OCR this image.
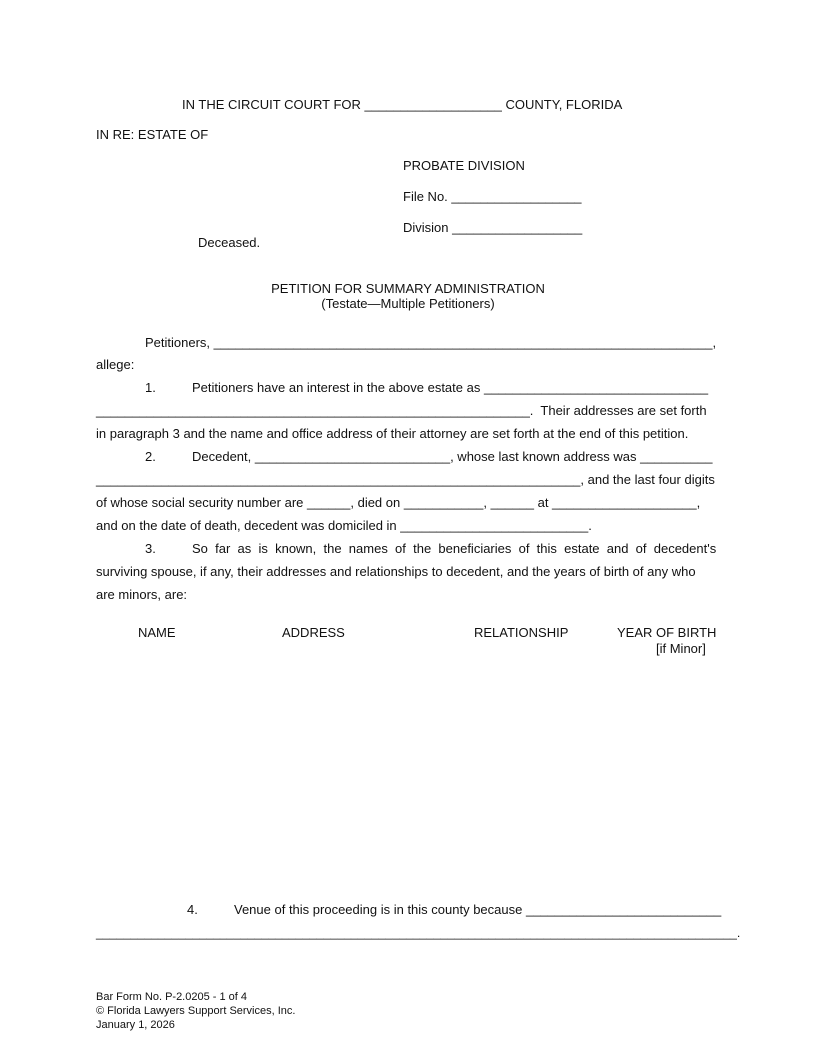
IN THE CIRCUIT COURT FOR ___________________ COUNTY, FLORIDA
IN RE: ESTATE OF
PROBATE DIVISION
File No. __________________
Division __________________
Deceased.
PETITION FOR SUMMARY ADMINISTRATION
(Testate—Multiple Petitioners)
Petitioners, _____________________________________________________________________,
allege:
1.	Petitioners have an interest in the above estate as _______________________________
____________________________________________________________.  Their addresses are set forth
in paragraph 3 and the name and office address of their attorney are set forth at the end of this petition.
2.	Decedent, ___________________________, whose last known address was __________
___________________________________________________________________, and the last four digits
of whose social security number are ______, died on ___________, ______ at ____________________,
and on the date of death, decedent was domiciled in __________________________.
3.	So  far  as  is  known,  the  names  of  the  beneficiaries  of  this  estate  and  of  decedent's
surviving spouse, if any, their addresses and relationships to decedent, and the years of birth of any who
are minors, are:
NAME	ADDRESS	RELATIONSHIP	YEAR OF BIRTH
[if Minor]
4.	Venue of this proceeding is in this county because ___________________________
_____________________________________________________________________________________________.
Bar Form No. P-2.0205 - 1 of 4
© Florida Lawyers Support Services, Inc.
January 1, 2026
